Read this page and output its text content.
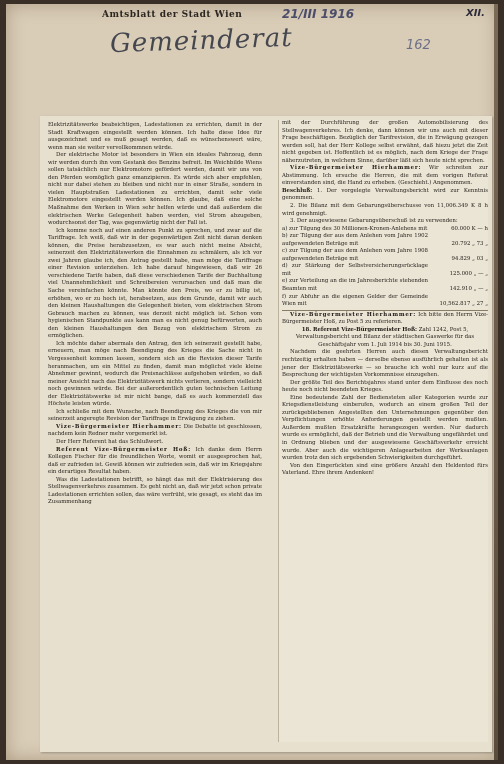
Amtsblatt der Stadt Wien	21/III 1916	XII.
Gemeinderat	162

Elektrizitätswerke beabsichtigen, Ladestationen zu errichten, damit in der Stadt Kraftwagen eingestellt werden können. Ich halte diese Idee für ausgezeichnet und es muß gesagt werden, daß es wünschenswert wäre, wenn man sie weiter vervollkommnen würde.

Der elektrische Motor ist besonders in Wien ein ideales Fahrzeug, denn wir werden durch ihn vom Gestank des Benzins befreit. Im Weichbilde Wiens sollen tatsächlich nur Elektromotore gefördert werden, damit wir uns von den Pferden womöglich ganz emanzipieren. Es würde sich aber empfehlen, nicht nur dabei stehen zu bleiben und nicht nur in einer Straße, sondern in vielen Hauptstraßen Ladestationen zu errichten, damit sehr viele Elektromotore eingestellt werden können. Ich glaube, daß eine solche Maßnahme den Werken in Wien sehr helfen würde und daß außerdem die elektrischen Werke Gelegenheit haben werden, viel Strom abzugeben, wodurchsonst der Tag, was gegenwärtig nicht der Fall ist.

Ich komme noch auf einen anderen Punkt zu sprechen, und zwar auf die Tariffrage. Ich weiß, daß wir in der gegenwärtigen Zeit nicht daran denken können, die Preise herabzusetzen, es war auch nicht meine Absicht, seinerzeit den Elektrizitätswerken die Einnahmen zu schmälern, als ich vor zwei Jahren glaube ich, den Antrag gestellt habe, man möge die Tariffrage einer Revision unterziehen. Ich habe darauf hingewiesen, daß wir 26 verschiedene Tarife haben, daß diese verschiedenen Tarife der Buchhaltung viel Unannehmlichkeit und Schreibereien verursachen und daß man die Sache vereinfachen könnte. Man könnte den Preis, wo er zu billig ist, erhöhen, wo er zu hoch ist, herabsetzen, aus dem Grunde, damit wir auch den kleinen Haushaltungen die Gelegenheit bieten, vom elektrischen Strom Gebrauch machen zu können, was derzeit nicht möglich ist. Schon vom hygienischen Standpunkte aus kann man es nicht genug befürworten, auch den kleinen Haushaltungen den Bezug von elektrischem Strom zu ermöglichen.

Ich möchte daher abermals den Antrag, den ich seinerzeit gestellt habe, erneuern, man möge nach Beendigung des Krieges die Sache nicht in Vergessenheit kommen lassen, sondern sich an die Revision dieser Tarife heranmachen, um ein Mittel zu finden, damit man möglichst viele kleine Abnehmer gewinnt, wodurch die Preisnachlässe aufgehoben würden, so daß meiner Ansicht nach das Elektrizitätswerk nichts verlieren, sondern vielleicht noch gewinnen würde. Bei der außerordentlich guten technischen Leitung der Elektrizitätswerke ist mir nicht bange, daß es auch kommerziell das Höchste leisten würde.

Ich schließe mit dem Wunsche, nach Beendigung des Krieges die von mir seinerzeit angeregte Revision der Tariffrage in Erwägung zu ziehen.

Vize-Bürgermeister Hierhammer: Die Debatte ist geschlossen, nachdem kein Redner mehr vorgemerkt ist.

Der Herr Referent hat das Schlußwort.

Referent Vize-Bürgermeister Hoß: Ich danke dem Herrn Kollegen Fischer für die freundlichen Worte, womit er ausgesprochen hat, daß er zufrieden ist. Gewiß können wir zufrieden sein, daß wir im Kriegsjahre ein derartiges Resultat haben.

Was die Ladestationen betrifft, so hängt das mit der Elektrisierung des Stellwagenverkehres zusammen. Es geht nicht an, daß wir jetzt schon private Ladestationen errichten sollen, das wäre verfrüht, wie gesagt, es steht das im Zusammenhang

mit der Durchführung der großen Automobilisierung des Stellwagenverkehres. Ich denke, dann können wir uns auch mit dieser Frage beschäftigen. Bezüglich der Tarifrevision, die in Erwägung gezogen werden soll, hat der Herr Kollege selbst erwähnt, daß hiezu jetzt die Zeit nicht gegeben ist. Hoffentlich ist es möglich, nach dem Kriege der Frage näherzutreten, in welchem Sinne, darüber läßt sich heute nicht sprechen.

Vize-Bürgermeister Hierhammer: Wir schreiten zur Abstimmung. Ich ersuche die Herren, die mit dem vorigen Referat einverstanden sind, die Hand zu erheben. (Geschieht.) Angenommen.

Beschluß: 1. Der vorgelegte Verwaltungsbericht wird zur Kenntnis genommen.

2. Die Bilanz mit dem Gebarungsüberschusse von 11,006.349 K 8 h wird genehmigt.

3. Der ausgewiesene Gebarungsüberschuß ist zu verwenden:

a) zur Tilgung des 30 Millionen-Kronen-Anlehens mit	60.000 K — h
b) zur Tilgung der aus dem Anlehen vom Jahre 1902 aufgewendeten Beträge mit	20.792 „ 73 „
c) zur Tilgung der aus dem Anlehen vom Jahre 1908 aufgewendeten Beträge mit	94.829 „ 03 „
d) zur Stärkung der Selbstversicherungsrücklage mit	125.000 „ — „
e) zur Verteilung an die im Jahresberichte stehenden Beamten mit	142.910 „ — „
f) zur Abfuhr an die eigenen Gelder der Gemeinde Wien mit	10,562.817 „ 27 „

Vize-Bürgermeister Hierhammer: Ich bitte den Herrn Vize-Bürgermeister Hoß, zu Post 5 zu referieren.

18. Referent Vize-Bürgermeister Hoß: Zahl 1242, Post 5, Verwaltungsbericht und Bilanz der städtischen Gaswerke für das Geschäftsjahr vom 1. Juli 1914 bis 30. Juni 1915.

Nachdem die geehrten Herren auch diesen Verwaltungsbericht rechtzeitig erhalten haben — derselbe ebenso ausführlich gehalten ist als jener der Elektrizitätswerke — so brauche ich wohl nur kurz auf die Besprechung der wichtigsten Vorkommnisse einzugehen.

Der größte Teil des Berichtsjahres stand unter dem Einflusse des noch heute noch nicht beendeten Krieges.

Eine bedeutende Zahl der Bediensteten aller Kategorien wurde zur Kriegsdienstleistung einberufen, wodurch an einem großen Teil der zurückgebliebenen Angestellten den Unternehmungen gegenüber den Verpflichtungen erhöhte Anforderungen gestellt werden mußten. Außerdem mußten Ersatzkräfte herangezogen werden. Nur dadurch wurde es ermöglicht, daß der Betrieb und die Verwaltung ungefährdet und in Ordnung blieben und der ausgewiesene Geschäftsverkehr erreicht wurde. Aber auch die wichtigeren Anlagearbeiten der Werksanlagen wurden trotz den sich ergebenden Schwierigkeiten durchgeführt.

Von den Eingerückten sind eine größere Anzahl den Heldentod fürs Vaterland. Ehre ihrem Andenken!
